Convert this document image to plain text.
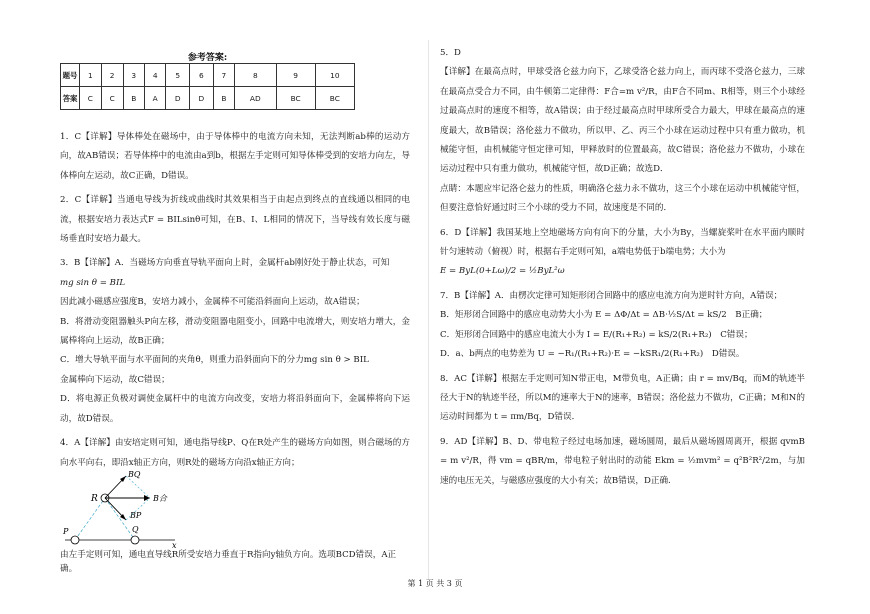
参考答案:
题号	1	2	3	4	5	6	7	8	9	10
答案	C	C	B	A	D	D	B	AD	BC	BC

1．C【详解】导体棒处在磁场中，由于导体棒中的电流方向未知，无法判断ab棒的运动方向，故AB错误；若导体棒中的电流由a到b，根据左手定则可知导体棒受到的安培力向左，导体棒向左运动，故C正确，D错误。

2．C【详解】当通电导线为折线或曲线时其效果相当于由起点到终点的直线通以相同的电流，根据安培力表达式F = BILsinθ可知，在B、I、L相同的情况下，当导线有效长度与磁场垂直时安培力最大。

3．B【详解】A．当磁场方向垂直导轨平面向上时，金属杆ab刚好处于静止状态，可知

mg sin θ = BIL

因此减小磁感应强度B，安培力减小，金属棒不可能沿斜面向上运动，故A错误；

B．将滑动变阻器触头P向左移，滑动变阻器电阻变小，回路中电流增大，则安培力增大，金属棒将向上运动，故B正确；

C．增大导轨平面与水平面间的夹角θ，则重力沿斜面向下的分力mg sin θ > BIL

金属棒向下运动，故C错误；

D．将电源正负极对调使金属杆中的电流方向改变，安培力将沿斜面向下，金属棒将向下运动，故D错误。

4．A【详解】由安培定则可知，通电指导线P、Q在R处产生的磁场方向如图，则合磁场的方向水平向右，即沿x轴正方向，则R处的磁场方向沿x轴正方向；

x
P	Q
R
BQ
B合
BP
由左手定则可知，通电直导线R所受安培力垂直于R指向y轴负方向。选项BCD错误，A正确。

5．D

【详解】在最高点时，甲球受洛仑兹力向下，乙球受洛仑兹力向上，而丙球不受洛仑兹力，三球在最高点受合力不同，由牛顿第二定律得：F合=m v²/R，由F合不同m、R相等，则三个小球经过最高点时的速度不相等，故A错误；由于经过最高点时甲球所受合力最大，甲球在最高点的速度最大，故B错误；洛伦兹力不做功，所以甲、乙、丙三个小球在运动过程中只有重力做功，机械能守恒，由机械能守恒定律可知，甲释放时的位置最高，故C错误；洛伦兹力不做功，小球在运动过程中只有重力做功，机械能守恒，故D正确；故选D．

点睛：本题应牢记洛仑兹力的性质，明确洛仑兹力永不做功，这三个小球在运动中机械能守恒，但要注意恰好通过时三个小球的受力不同，故速度是不同的．

6．D【详解】我国某地上空地磁场方向有向下的分量，大小为By，当螺旋桨叶在水平面内顺时针匀速转动（俯视）时，根据右手定则可知，a端电势低于b端电势；大小为

E = ByL(0+Lω)/2 = ½ByL²ω

7．B【详解】A．由楞次定律可知矩形闭合回路中的感应电流方向为逆时针方向，A错误；

B．矩形闭合回路中的感应电动势大小为 E = ΔΦ/Δt = ΔB·½S/Δt = kS/2　B正确；

C．矩形闭合回路中的感应电流大小为 I = E/(R₁+R₂) = kS/2(R₁+R₂)　C错误；

D．a、b两点的电势差为 U = −R₁/(R₁+R₂)·E = −kSR₁/2(R₁+R₂)　D错误。

8．AC【详解】根据左手定则可知N带正电，M带负电，A正确；由 r = mv/Bq，而M的轨迹半径大于N的轨迹半径，所以M的速率大于N的速率，B错误；洛伦兹力不做功，C正确；M和N的运动时间都为 t = πm/Bq，D错误．

9．AD【详解】B、D、带电粒子经过电场加速，磁场圆周，最后从磁场圆周离开，根据 qvmB = m v²/R，得 vm = qBR/m，带电粒子射出时的动能 Ekm = ½mvm² = q²B²R²/2m，与加速的电压无关，与磁感应强度的大小有关；故B错误，D正确.

第 1 页 共 3 页
